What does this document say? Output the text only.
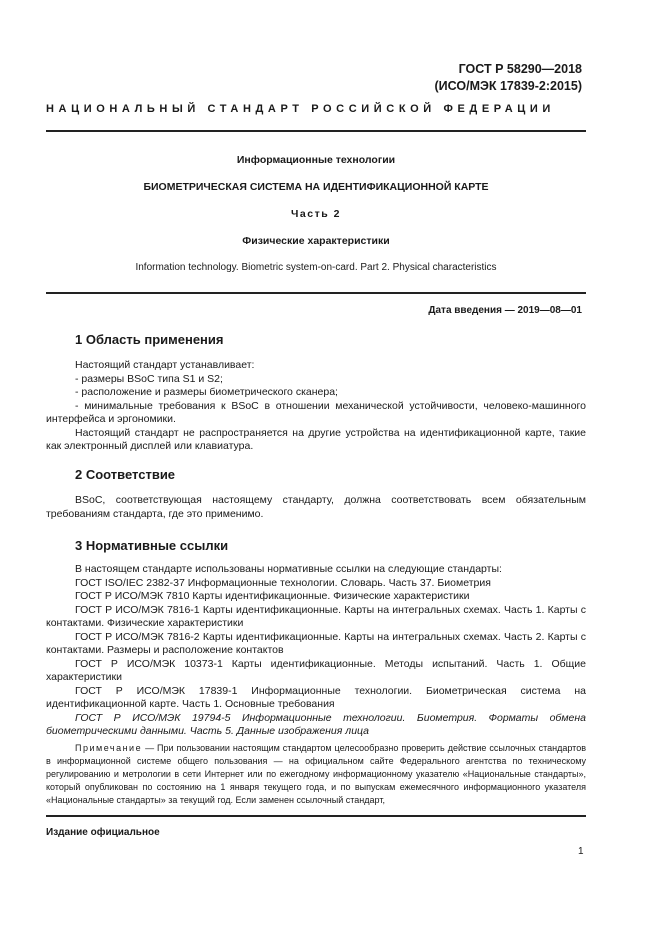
ГОСТ Р 58290—2018
(ИСО/МЭК 17839-2:2015)
НАЦИОНАЛЬНЫЙ СТАНДАРТ РОССИЙСКОЙ ФЕДЕРАЦИИ
Информационные технологии
БИОМЕТРИЧЕСКАЯ СИСТЕМА НА ИДЕНТИФИКАЦИОННОЙ КАРТЕ
Часть 2
Физические характеристики
Information technology. Biometric system-on-card. Part 2. Physical characteristics
Дата введения — 2019—08—01
1 Область применения
Настоящий стандарт устанавливает:
- размеры BSoC типа S1 и S2;
- расположение и размеры биометрического сканера;
- минимальные требования к BSoC в отношении механической устойчивости, человеко-машинного интерфейса и эргономики.
Настоящий стандарт не распространяется на другие устройства на идентификационной карте, такие как электронный дисплей или клавиатура.
2 Соответствие
BSoC, соответствующая настоящему стандарту, должна соответствовать всем обязательным требованиям стандарта, где это применимо.
3 Нормативные ссылки
В настоящем стандарте использованы нормативные ссылки на следующие стандарты:
ГОСТ ISO/IEC 2382-37 Информационные технологии. Словарь. Часть 37. Биометрия
ГОСТ Р ИСО/МЭК 7810 Карты идентификационные. Физические характеристики
ГОСТ Р ИСО/МЭК 7816-1 Карты идентификационные. Карты на интегральных схемах. Часть 1. Карты с контактами. Физические характеристики
ГОСТ Р ИСО/МЭК 7816-2 Карты идентификационные. Карты на интегральных схемах. Часть 2. Карты с контактами. Размеры и расположение контактов
ГОСТ Р ИСО/МЭК 10373-1 Карты идентификационные. Методы испытаний. Часть 1. Общие характеристики
ГОСТ Р ИСО/МЭК 17839-1 Информационные технологии. Биометрическая система на идентификационной карте. Часть 1. Основные требования
ГОСТ Р ИСО/МЭК 19794-5 Информационные технологии. Биометрия. Форматы обмена биометрическими данными. Часть 5. Данные изображения лица
Примечание — При пользовании настоящим стандартом целесообразно проверить действие ссылочных стандартов в информационной системе общего пользования — на официальном сайте Федерального агентства по техническому регулированию и метрологии в сети Интернет или по ежегодному информационному указателю «Национальные стандарты», который опубликован по состоянию на 1 января текущего года, и по выпускам ежемесячного информационного указателя «Национальные стандарты» за текущий год. Если заменен ссылочный стандарт,
Издание официальное
1
